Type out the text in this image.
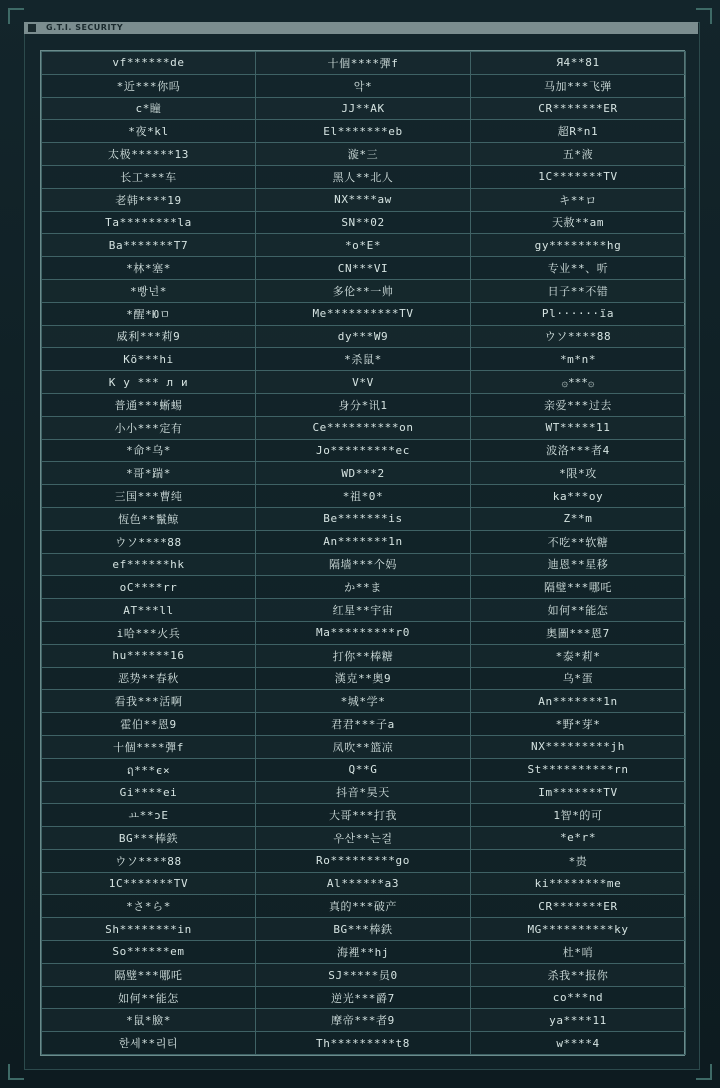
G.T.I. SECURITY
vf******de	十個****彈f	Я4**81
*近***你吗	악*	马加***飞弹
c*瞳	JJ**AK	CR*******ER
*夜*kl	El*******eb	超R*n1
太极******13	漩*三	五*液
长工***车	黑人**北人	1C*******TV
老韩****19	NX****aw	キ**ロ
Ta********la	SN**02	天赦**am
Ba*******T7	*o*E*	gy********hg
*林*塞*	CN***VI	专业**、听
*빵넌*	多伦**一帅	日子**不错
*醒*Юㅁ	Me**********TV	Pl······ïa
威利***莉9	dy***W9	ウソ****88
Kö***hi	*杀鼠*	*m*n*
К у *** л и	V*V	۞***۞
普通***蜥蜴	身分*讯1	亲爱***过去
小小***定有	Ce**********on	WT*****11
*命*乌*	Jo*********ec	波洛***者4
*哥*踹*	WD***2	*限*攻
三国***曹纯	*祖*0*	ka***oy
恆色**鬣鲸	Be*******is	Z**m
ウソ****88	An*******1n	不吃**软糖
ef******hk	隔墙***个妈	迪恩**星移
oC****rr	か**ま	隔璧***哪吒
AT***ll	红星**宇宙	如何**能怎
i哈***火兵	Ma*********r0	奥圖***恩7
hu******16	打你**棒糖	*泰*莉*
恶势**春秋	漢克**奥9	乌*蛋
看我***活啊	*城*学*	An*******1n
霍伯**恩9	君君***子a	*野*芽*
十個****彈f	凤吹**篮凉	NX*********jh
ฤ***є×	Q**G	St**********rn
Gi****ei	抖音*昊天	Im*******TV
ㅛ**ɔE	大哥***打我	1智*的可
BG***棒鉄	우산**는걸	*e*r*
ウソ****88	Ro*********go	*贵
1C*******TV	Al******a3	ki********me
*さ*ら*	真的***破产	CR*******ER
Sh********in	BG***棒鉄	MG**********ky
So******em	海裡**hj	杜*哨
隔璧***哪吒	SJ*****员0	杀我**报你
如何**能怎	逆光***爵7	co***nd
*鼠*臉*	摩帝***者9	ya****11
한세**리티	Th*********t8	w****4
